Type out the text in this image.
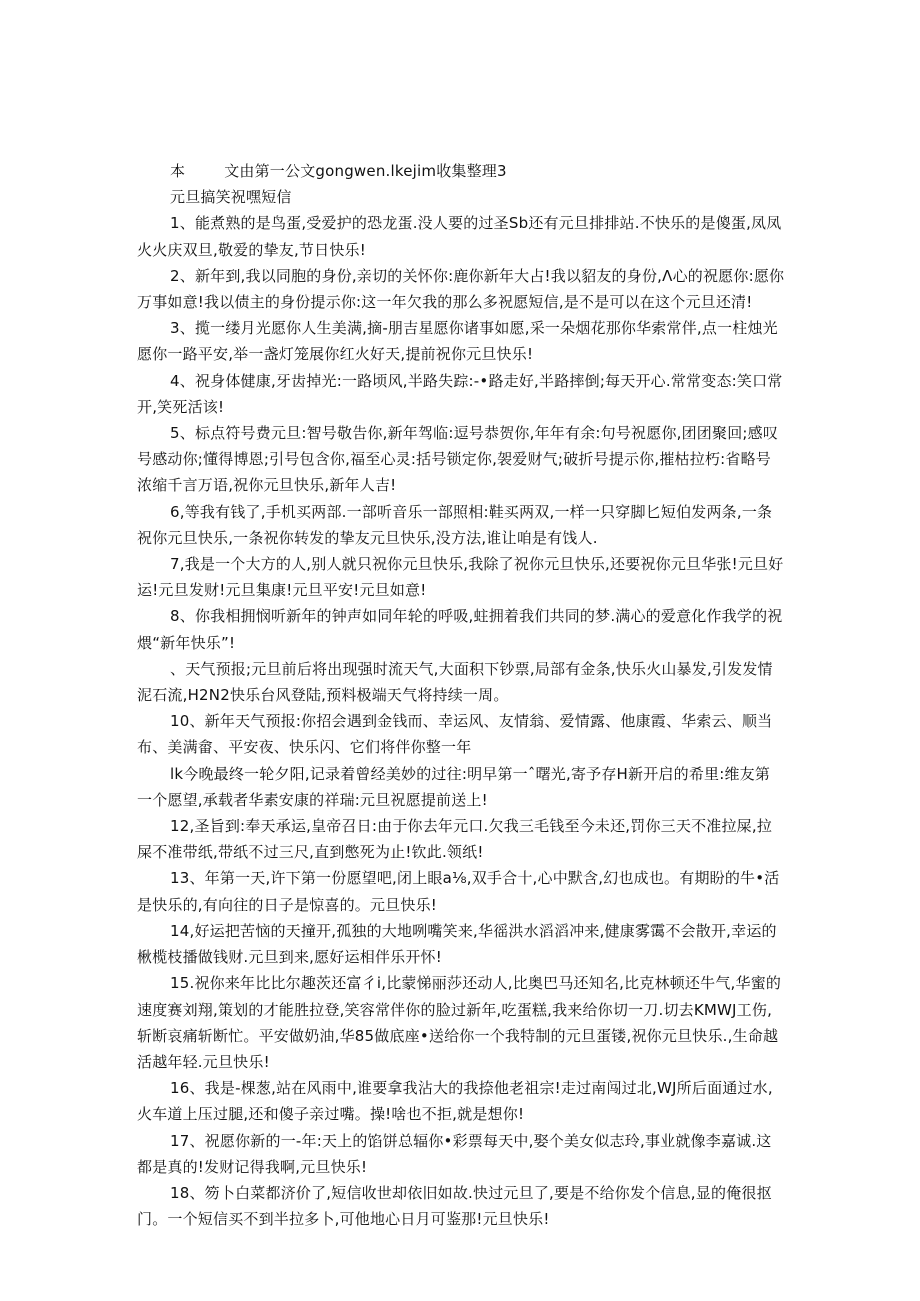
本	文由第一公文gongwen.lkejim收集整理3

元旦搞笑祝嘿短信

1、能煮熟的是鸟蛋,受爱护的恐龙蛋.没人要的过圣Sb还有元旦排排站.不快乐的是傻蛋,凤凤火火庆双旦,敬爱的挚友,节日快乐!

2、新年到,我以同胞的身份,亲切的关怀你:鹿你新年大占!我以貂友的身份,Λ心的祝愿你:愿你万事如意!我以债主的身份提示你:这一年欠我的那么多祝愿短信,是不是可以在这个元旦还清!

3、揽一缕月光愿你人生美满,摘-朋吉星愿你诸事如愿,采一朵烟花那你华索常伴,点一柱烛光愿你一路平安,举一盏灯笼展你红火好天,提前祝你元旦快乐!

4、祝身体健康,牙齿掉光:一路顷风,半路失踪:-•路走好,半路摔倒;每天开心.常常变态:笑口常开,笑死活该!

5、标点符号费元旦:智号敬告你,新年驾临:逗号恭贺你,年年有余:句号祝愿你,团团聚回;感叹号感动你;懂得博恩;引号包含你,福至心灵:括号锁定你,袈爱财气;破折号提示你,摧枯拉朽:省略号浓缩千言万语,祝你元旦快乐,新年人吉!

6,等我有钱了,手机买两部.一部听音乐一部照相:鞋买两双,一样一只穿脚匕短伯发两条,一条祝你元旦快乐,一条祝你转发的挚友元旦快乐,没方法,谁让咱是有饯人.

7,我是一个大方的人,别人就只祝你元旦快乐,我除了祝你元旦快乐,还要祝你元旦华张!元旦好运!元旦发财!元旦集康!元旦平安!元旦如意!

8、你我相拥悯听新年的钟声如同年轮的呼吸,蛀拥着我们共同的梦.满心的爱意化作我学的祝煨“新年快乐”!

、天气预报;元旦前后将出现强时流天气,大面积下钞票,局部有金条,快乐火山暴发,引发发情泥石流,H2N2快乐台风登陆,预料极端天气将持续一周。

10、新年天气预报:你招会遇到金钱而、幸运风、友情翁、爱情露、他康霞、华索云、顺当布、美满畲、平安夜、快乐闪、它们将伴你整一年

lk今晚最终一轮夕阳,记录着曾经美妙的过往:明早第一ˆ曙光,寄予存H新开启的希里:维友第一个愿望,承载者华素安康的祥瑞:元旦祝愿提前送上!

12,圣旨到:奉天承运,皇帝召日:由于你去年元口.欠我三毛钱至今未还,罚你三天不准拉屎,拉屎不准带纸,带纸不过三尺,直到憋死为止!钦此.领纸!

13、年第一天,许下第一份愿望吧,闭上眼a⅛,双手合十,心中默含,幻也成也。有期盼的牛•活是快乐的,有向往的日子是惊喜的。元旦快乐!

14,好运把苦恼的天撞开,孤独的大地咧嘴笑来,华徭洪水滔滔冲来,健康雾霭不会散开,幸运的楸榄枝播做钱财.元旦到来,愿好运相伴乐开怀!

15.祝你来年比比尔趣茨还富彳i,比蒙悌丽莎还动人,比奥巴马还知名,比克林顿还牛气,华蜜的速度赛刘翔,策划的才能胜拉登,笑容常伴你的脸过新年,吃蛋糕,我来给你切一刀.切去KMWJ工伤,斩断哀痛斩断忙。平安做奶油,华85做底座•送给你一个我特制的元旦蛋镂,祝你元旦快乐.,生命越活越年轻.元旦快乐!

16、我是-棵葱,站在风雨中,谁要拿我沾大的我捺他老祖宗!走过南闯过北,WJ所后面通过水,火车道上压过腿,还和傻子亲过嘴。操!啥也不拒,就是想你!

17、祝愿你新的一-年:天上的馅饼总辐你•彩票每天中,娶个美女似志玲,事业就像李嘉诚.这都是真的!发财记得我啊,元旦快乐!

18、笏卜白菜都济价了,短信收世却依旧如故.快过元旦了,要是不给你发个信息,显的俺很抠门。一个短信买不到半拉多卜,可他地心日月可鉴那!元旦快乐!
